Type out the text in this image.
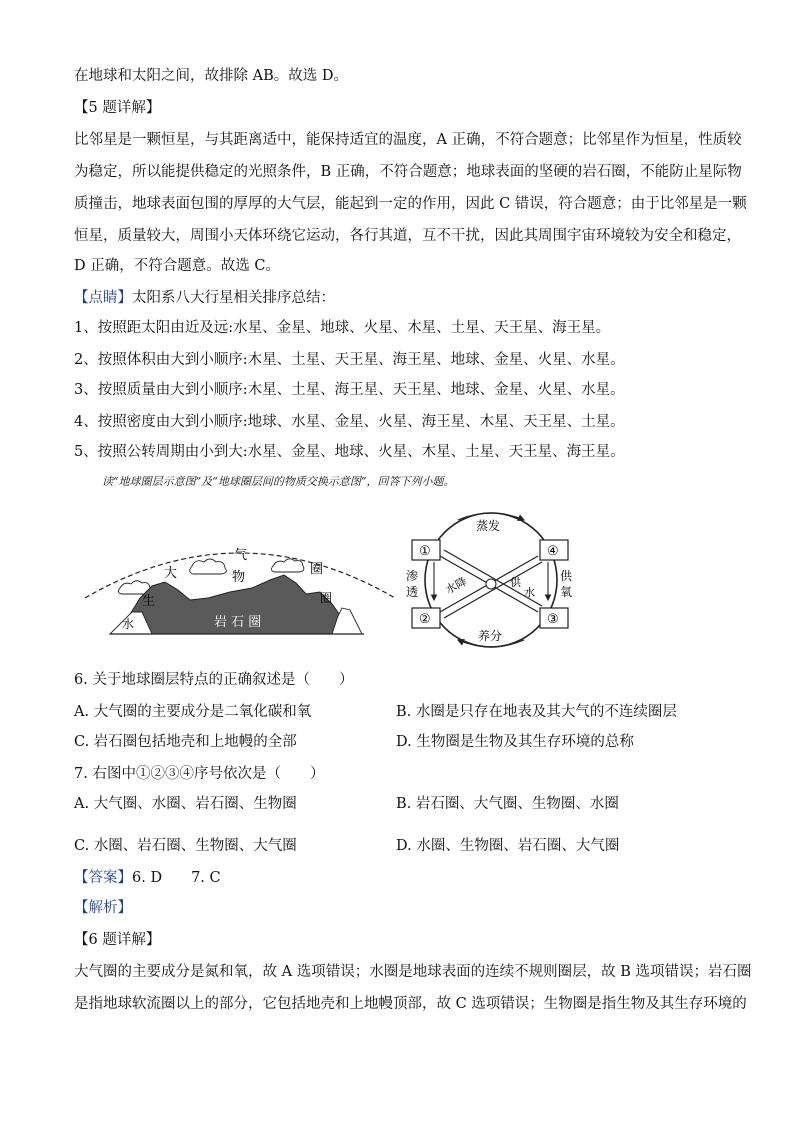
在地球和太阳之间，故排除 AB。故选 D。
【5 题详解】
比邻星是一颗恒星，与其距离适中，能保持适宜的温度，A 正确，不符合题意；比邻星作为恒星，性质较
为稳定，所以能提供稳定的光照条件，B 正确，不符合题意；地球表面的坚硬的岩石圈，不能防止星际物
质撞击，地球表面包围的厚厚的大气层，能起到一定的作用，因此 C 错误，符合题意；由于比邻星是一颗
恒星，质量较大，周围小天体环绕它运动，各行其道，互不干扰，因此其周围宇宙环境较为安全和稳定，
D 正确，不符合题意。故选 C。
【点睛】太阳系八大行星相关排序总结：
1、按照距太阳由近及远:水星、金星、地球、火星、木星、土星、天王星、海王星。
2、按照体积由大到小顺序:木星、土星、天王星、海王星、地球、金星、火星、水星。
3、按照质量由大到小顺序:木星、土星、海王星、天王星、地球、金星、火星、水星。
4、按照密度由大到小顺序:地球、水星、金星、火星、海王星、木星、天王星、土星。
5、按照公转周期由小到大:水星、金星、地球、火星、木星、土星、天王星、海王星。
读“地球圈层示意图”及“地球圈层间的物质交换示意图”，回答下列小题。
大
气
物
圈
圈
生
水	岩 石 圈
①	④
②	③
蒸发
养分
渗
透
供
氧
水降	供
水
6. 关于地球圈层特点的正确叙述是（　　）
A. 大气圈的主要成分是二氧化碳和氧	B. 水圈是只存在地表及其大气的不连续圈层
C. 岩石圈包括地壳和上地幔的全部	D. 生物圈是生物及其生存环境的总称
7. 右图中①②③④序号依次是（　　）
A. 大气圈、水圈、岩石圈、生物圈	B. 岩石圈、大气圈、生物圈、水圈
C. 水圈、岩石圈、生物圈、大气圈	D. 水圈、生物圈、岩石圈、大气圈
【答案】6. D　　7. C
【解析】
【6 题详解】
大气圈的主要成分是氮和氧，故 A 选项错误；水圈是地球表面的连续不规则圈层，故 B 选项错误；岩石圈
是指地球软流圈以上的部分，它包括地壳和上地幔顶部，故 C 选项错误；生物圈是指生物及其生存环境的
